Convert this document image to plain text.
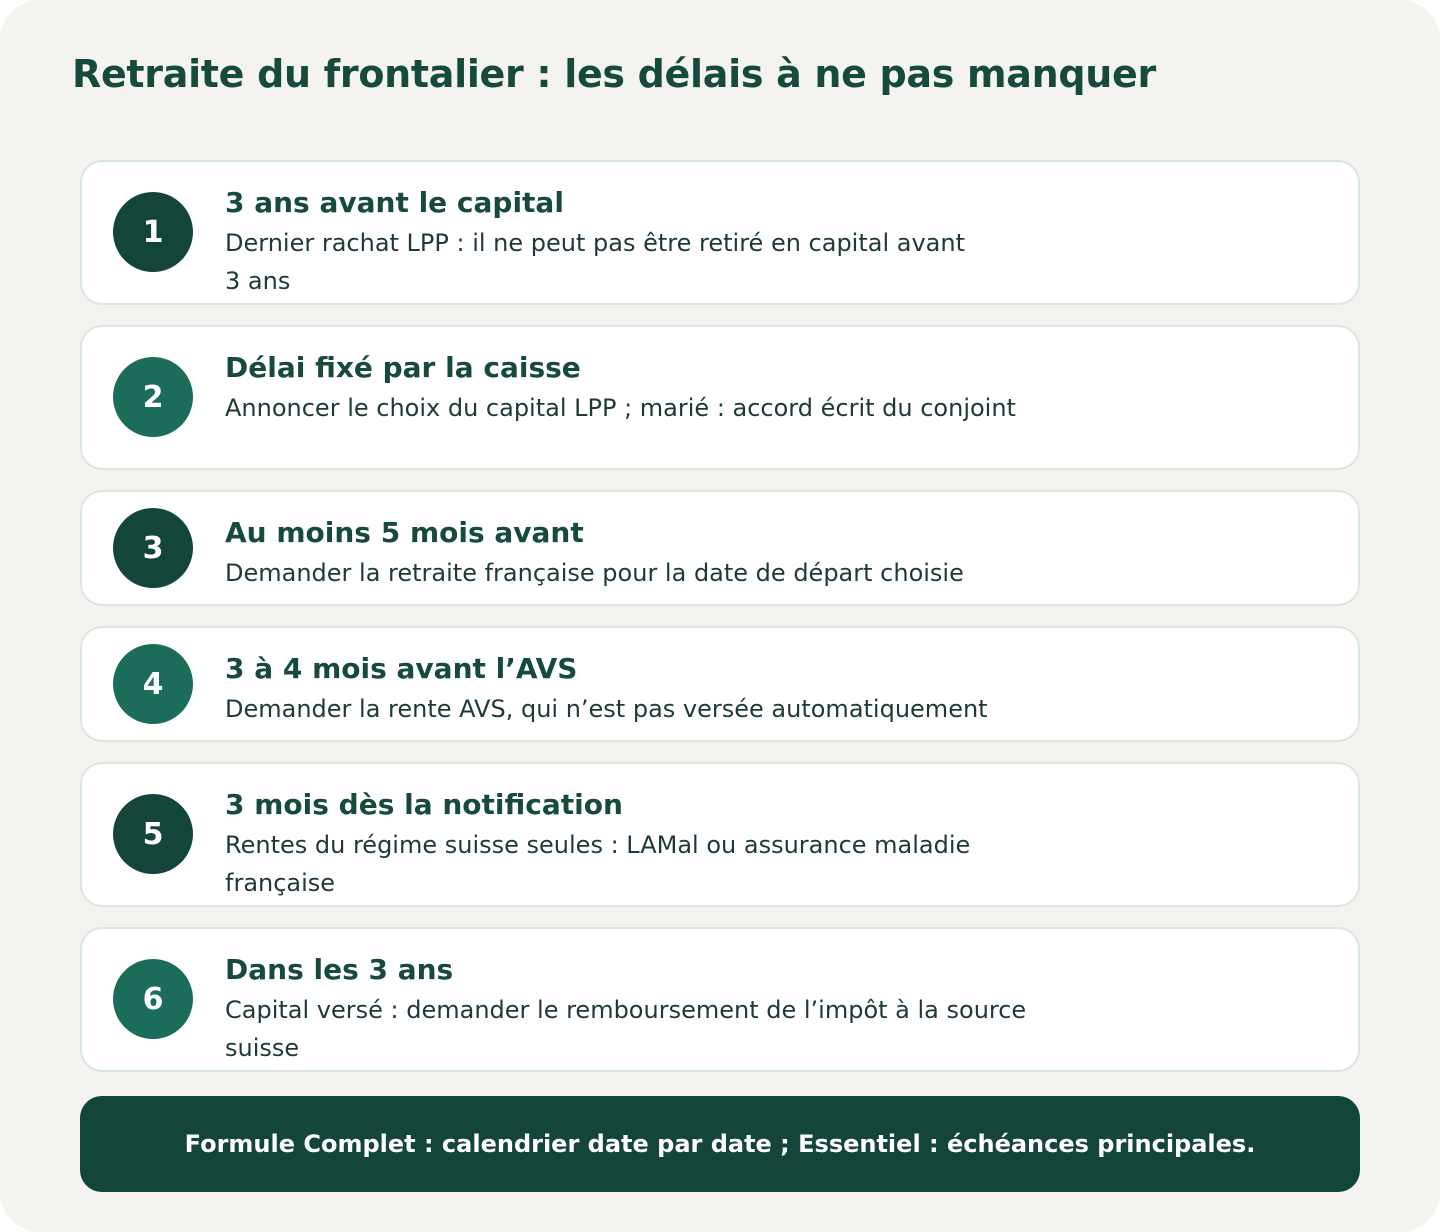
Retraite du frontalier : les délais à ne pas manquer
1
3 ans avant le capital
Dernier rachat LPP : il ne peut pas être retiré en capital avant 3 ans
2
Délai fixé par la caisse
Annoncer le choix du capital LPP ; marié : accord écrit du conjoint
3	Au moins 5 mois avant
Demander la retraite française pour la date de départ choisie
4	3 à 4 mois avant l’AVS
Demander la rente AVS, qui n’est pas versée automatiquement
5
3 mois dès la notification
Rentes du régime suisse seules : LAMal ou assurance maladie française
6
Dans les 3 ans
Capital versé : demander le remboursement de l’impôt à la source suisse
Formule Complet : calendrier date par date ; Essentiel : échéances principales.
